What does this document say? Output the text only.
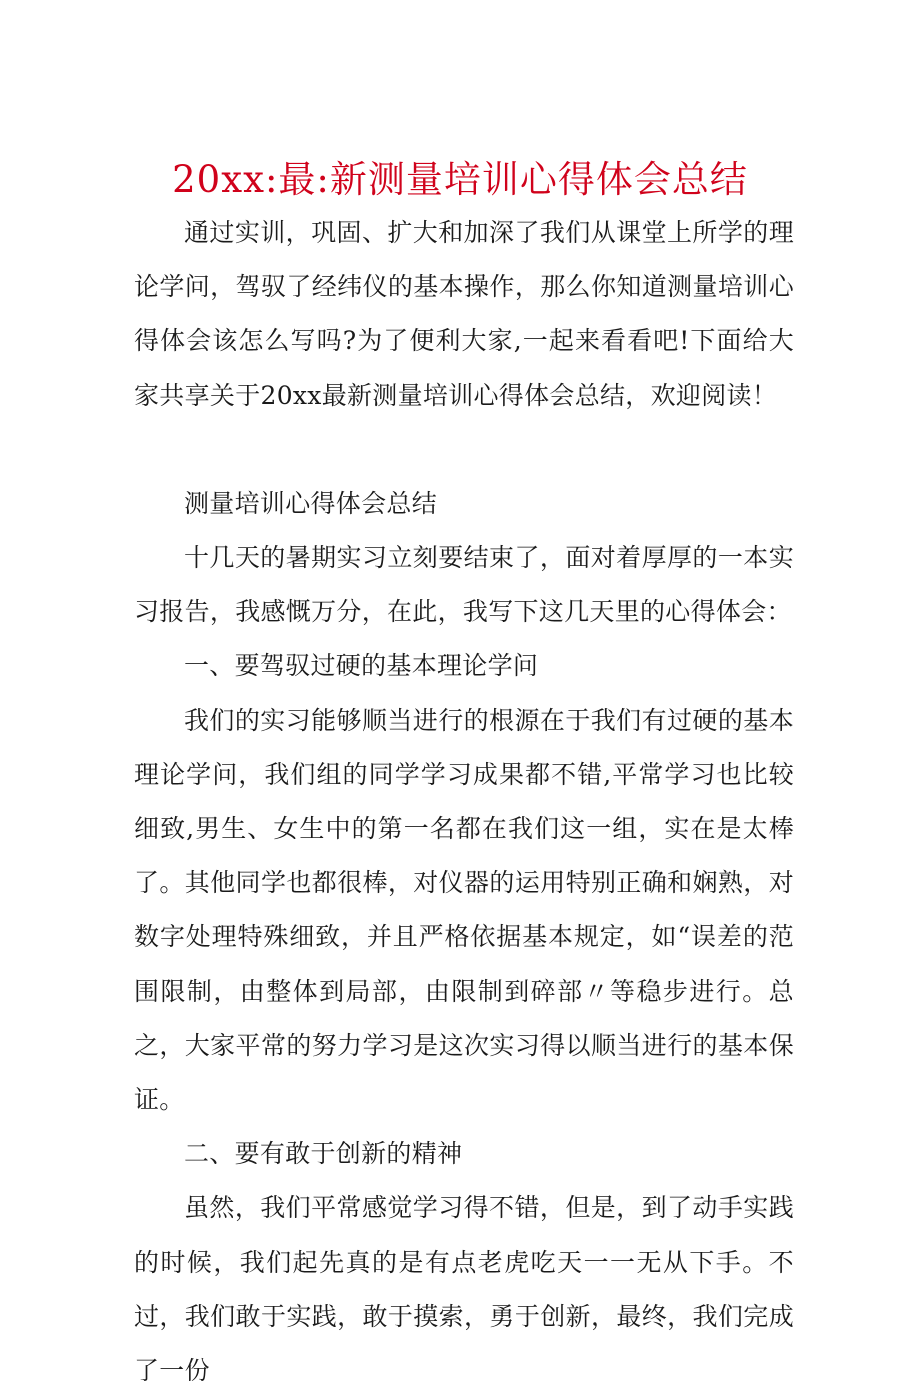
20xx:最:新测量培训心得体会总结

通过实训，巩固、扩大和加深了我们从课堂上所学的理论学问，驾驭了经纬仪的基本操作，那么你知道测量培训心得体会该怎么写吗?为了便利大家,一起来看看吧!下面给大家共享关于20xx最新测量培训心得体会总结，欢迎阅读！

测量培训心得体会总结

十几天的暑期实习立刻要结束了，面对着厚厚的一本实习报告，我感慨万分，在此，我写下这几天里的心得体会：

一、要驾驭过硬的基本理论学问

我们的实习能够顺当进行的根源在于我们有过硬的基本理论学问，我们组的同学学习成果都不错,平常学习也比较细致,男生、女生中的第一名都在我们这一组，实在是太棒了。其他同学也都很棒，对仪器的运用特别正确和娴熟，对数字处理特殊细致，并且严格依据基本规定，如“误差的范围限制，由整体到局部，由限制到碎部〃等稳步进行。总之，大家平常的努力学习是这次实习得以顺当进行的基本保证。

二、要有敢于创新的精神

虽然，我们平常感觉学习得不错，但是，到了动手实践的时候，我们起先真的是有点老虎吃天一一无从下手。不过，我们敢于实践，敢于摸索，勇于创新，最终，我们完成了一份
